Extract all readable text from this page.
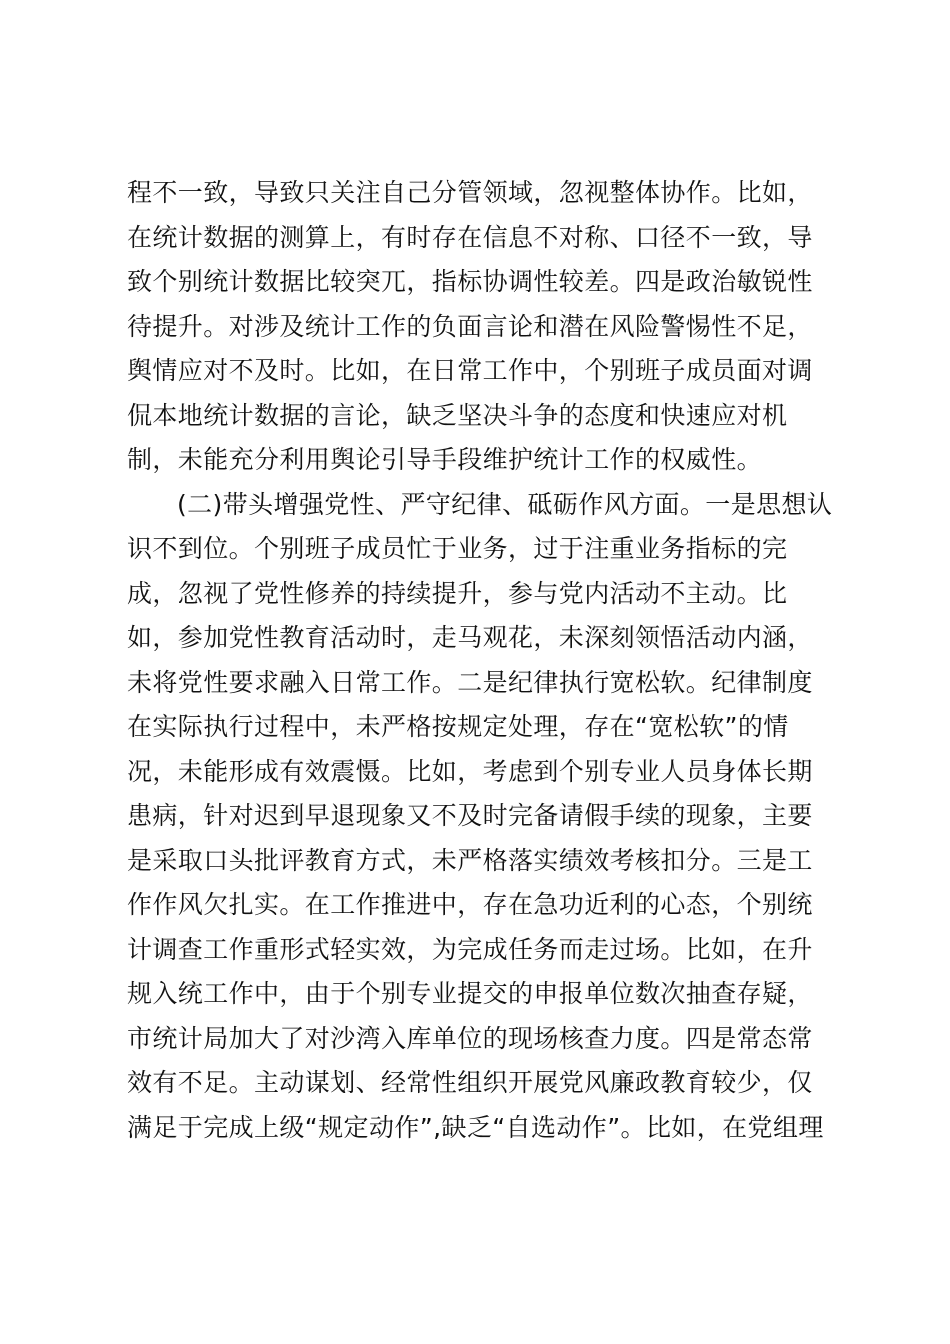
程不一致，导致只关注自己分管领域，忽视整体协作。比如，
在统计数据的测算上，有时存在信息不对称、口径不一致，导
致个别统计数据比较突兀，指标协调性较差。四是政治敏锐性
待提升。对涉及统计工作的负面言论和潜在风险警惕性不足，
舆情应对不及时。比如，在日常工作中，个别班子成员面对调
侃本地统计数据的言论，缺乏坚决斗争的态度和快速应对机
制，未能充分利用舆论引导手段维护统计工作的权威性。
(二)带头增强党性、严守纪律、砥砺作风方面。一是思想认
识不到位。个别班子成员忙于业务，过于注重业务指标的完
成，忽视了党性修养的持续提升，参与党内活动不主动。比
如，参加党性教育活动时，走马观花，未深刻领悟活动内涵，
未将党性要求融入日常工作。二是纪律执行宽松软。纪律制度
在实际执行过程中，未严格按规定处理，存在“宽松软”的情
况，未能形成有效震慑。比如，考虑到个别专业人员身体长期
患病，针对迟到早退现象又不及时完备请假手续的现象，主要
是采取口头批评教育方式，未严格落实绩效考核扣分。三是工
作作风欠扎实。在工作推进中，存在急功近利的心态，个别统
计调查工作重形式轻实效，为完成任务而走过场。比如，在升
规入统工作中，由于个别专业提交的申报单位数次抽查存疑，
市统计局加大了对沙湾入库单位的现场核查力度。四是常态常
效有不足。主动谋划、经常性组织开展党风廉政教育较少，仅
满足于完成上级“规定动作”,缺乏“自选动作”。比如，在党组理
